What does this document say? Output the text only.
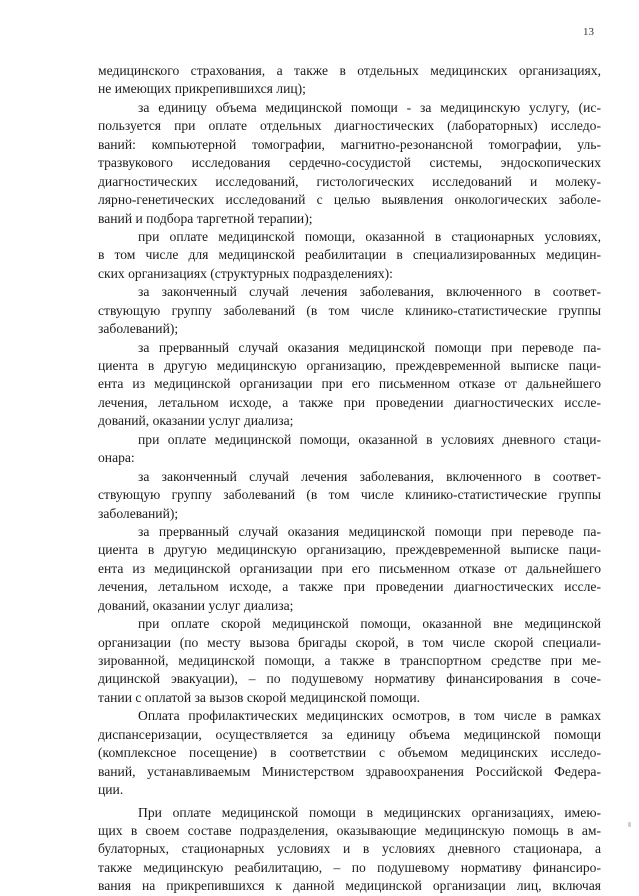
13
медицинского страхования, а также в отдельных медицинских организациях,
не имеющих прикрепившихся лиц);
за единицу объема медицинской помощи - за медицинскую услугу, (ис-
пользуется при оплате отдельных диагностических (лабораторных) исследо-
ваний: компьютерной томографии, магнитно-резонансной томографии, уль-
тразвукового исследования сердечно-сосудистой системы, эндоскопических
диагностических исследований, гистологических исследований и молеку-
лярно-генетических исследований с целью выявления онкологических заболе-
ваний и подбора таргетной терапии);
при оплате медицинской помощи, оказанной в стационарных условиях,
в том числе для медицинской реабилитации в специализированных медицин-
ских организациях (структурных подразделениях):
за законченный случай лечения заболевания, включенного в соответ-
ствующую группу заболеваний (в том числе клинико-статистические группы
заболеваний);
за прерванный случай оказания медицинской помощи при переводе па-
циента в другую медицинскую организацию, преждевременной выписке паци-
ента из медицинской организации при его письменном отказе от дальнейшего
лечения, летальном исходе, а также при проведении диагностических иссле-
дований, оказании услуг диализа;
при оплате медицинской помощи, оказанной в условиях дневного стаци-
онара:
за законченный случай лечения заболевания, включенного в соответ-
ствующую группу заболеваний (в том числе клинико-статистические группы
заболеваний);
за прерванный случай оказания медицинской помощи при переводе па-
циента в другую медицинскую организацию, преждевременной выписке паци-
ента из медицинской организации при его письменном отказе от дальнейшего
лечения, летальном исходе, а также при проведении диагностических иссле-
дований, оказании услуг диализа;
при оплате скорой медицинской помощи, оказанной вне медицинской
организации (по месту вызова бригады скорой, в том числе скорой специали-
зированной, медицинской помощи, а также в транспортном средстве при ме-
дицинской эвакуации), – по подушевому нормативу финансирования в соче-
тании с оплатой за вызов скорой медицинской помощи.
Оплата профилактических медицинских осмотров, в том числе в рамках
диспансеризации, осуществляется за единицу объема медицинской помощи
(комплексное посещение) в соответствии с объемом медицинских исследо-
ваний, устанавливаемым Министерством здравоохранения Российской Федера-
ции.
При оплате медицинской помощи в медицинских организациях, имею-
щих в своем составе подразделения, оказывающие медицинскую помощь в ам-
булаторных, стационарных условиях и в условиях дневного стационара, а
также медицинскую реабилитацию, – по подушевому нормативу финансиро-
вания на прикрепившихся к данной медицинской организации лиц, включая
